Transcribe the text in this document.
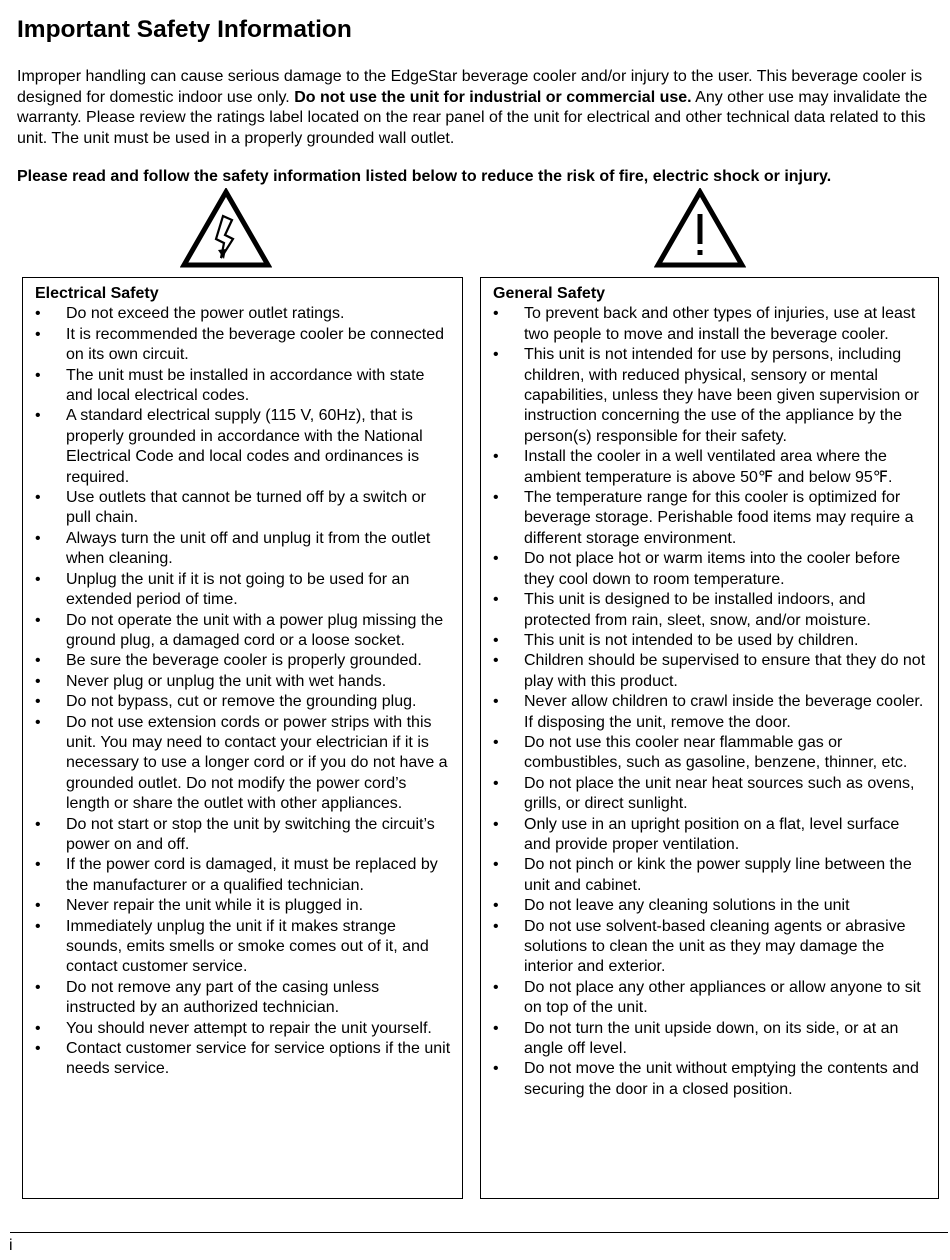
Important Safety Information

Improper handling can cause serious damage to the EdgeStar beverage cooler and/or injury to the user. This beverage cooler is designed for domestic indoor use only. Do not use the unit for industrial or commercial use. Any other use may invalidate the warranty. Please review the ratings label located on the rear panel of the unit for electrical and other technical data related to this unit. The unit must be used in a properly grounded wall outlet.

Please read and follow the safety information listed below to reduce the risk of fire, electric shock or injury.

Electrical Safety
• Do not exceed the power outlet ratings.
• It is recommended the beverage cooler be connected on its own circuit.
• The unit must be installed in accordance with state and local electrical codes.
• A standard electrical supply (115 V, 60Hz), that is properly grounded in accordance with the National Electrical Code and local codes and ordinances is required.
• Use outlets that cannot be turned off by a switch or pull chain.
• Always turn the unit off and unplug it from the outlet when cleaning.
• Unplug the unit if it is not going to be used for an extended period of time.
• Do not operate the unit with a power plug missing the ground plug, a damaged cord or a loose socket.
• Be sure the beverage cooler is properly grounded.
• Never plug or unplug the unit with wet hands.
• Do not bypass, cut or remove the grounding plug.
• Do not use extension cords or power strips with this unit. You may need to contact your electrician if it is necessary to use a longer cord or if you do not have a grounded outlet. Do not modify the power cord’s length or share the outlet with other appliances.
• Do not start or stop the unit by switching the circuit’s power on and off.
• If the power cord is damaged, it must be replaced by the manufacturer or a qualified technician.
• Never repair the unit while it is plugged in.
• Immediately unplug the unit if it makes strange sounds, emits smells or smoke comes out of it, and contact customer service.
• Do not remove any part of the casing unless instructed by an authorized technician.
• You should never attempt to repair the unit yourself.
• Contact customer service for service options if the unit needs service.
General Safety
• To prevent back and other types of injuries, use at least two people to move and install the beverage cooler.
• This unit is not intended for use by persons, including children, with reduced physical, sensory or mental capabilities, unless they have been given supervision or instruction concerning the use of the appliance by the person(s) responsible for their safety.
• Install the cooler in a well ventilated area where the ambient temperature is above 50℉ and below 95℉.
• The temperature range for this cooler is optimized for beverage storage. Perishable food items may require a different storage environment.
• Do not place hot or warm items into the cooler before they cool down to room temperature.
• This unit is designed to be installed indoors, and protected from rain, sleet, snow, and/or moisture.
• This unit is not intended to be used by children.
• Children should be supervised to ensure that they do not play with this product.
• Never allow children to crawl inside the beverage cooler. If disposing the unit, remove the door.
• Do not use this cooler near flammable gas or combustibles, such as gasoline, benzene, thinner, etc.
• Do not place the unit near heat sources such as ovens, grills, or direct sunlight.
• Only use in an upright position on a flat, level surface and provide proper ventilation.
• Do not pinch or kink the power supply line between the unit and cabinet.
• Do not leave any cleaning solutions in the unit
• Do not use solvent-based cleaning agents or abrasive solutions to clean the unit as they may damage the interior and exterior.
• Do not place any other appliances or allow anyone to sit on top of the unit.
• Do not turn the unit upside down, on its side, or at an angle off level.
• Do not move the unit without emptying the contents and securing the door in a closed position.
i
